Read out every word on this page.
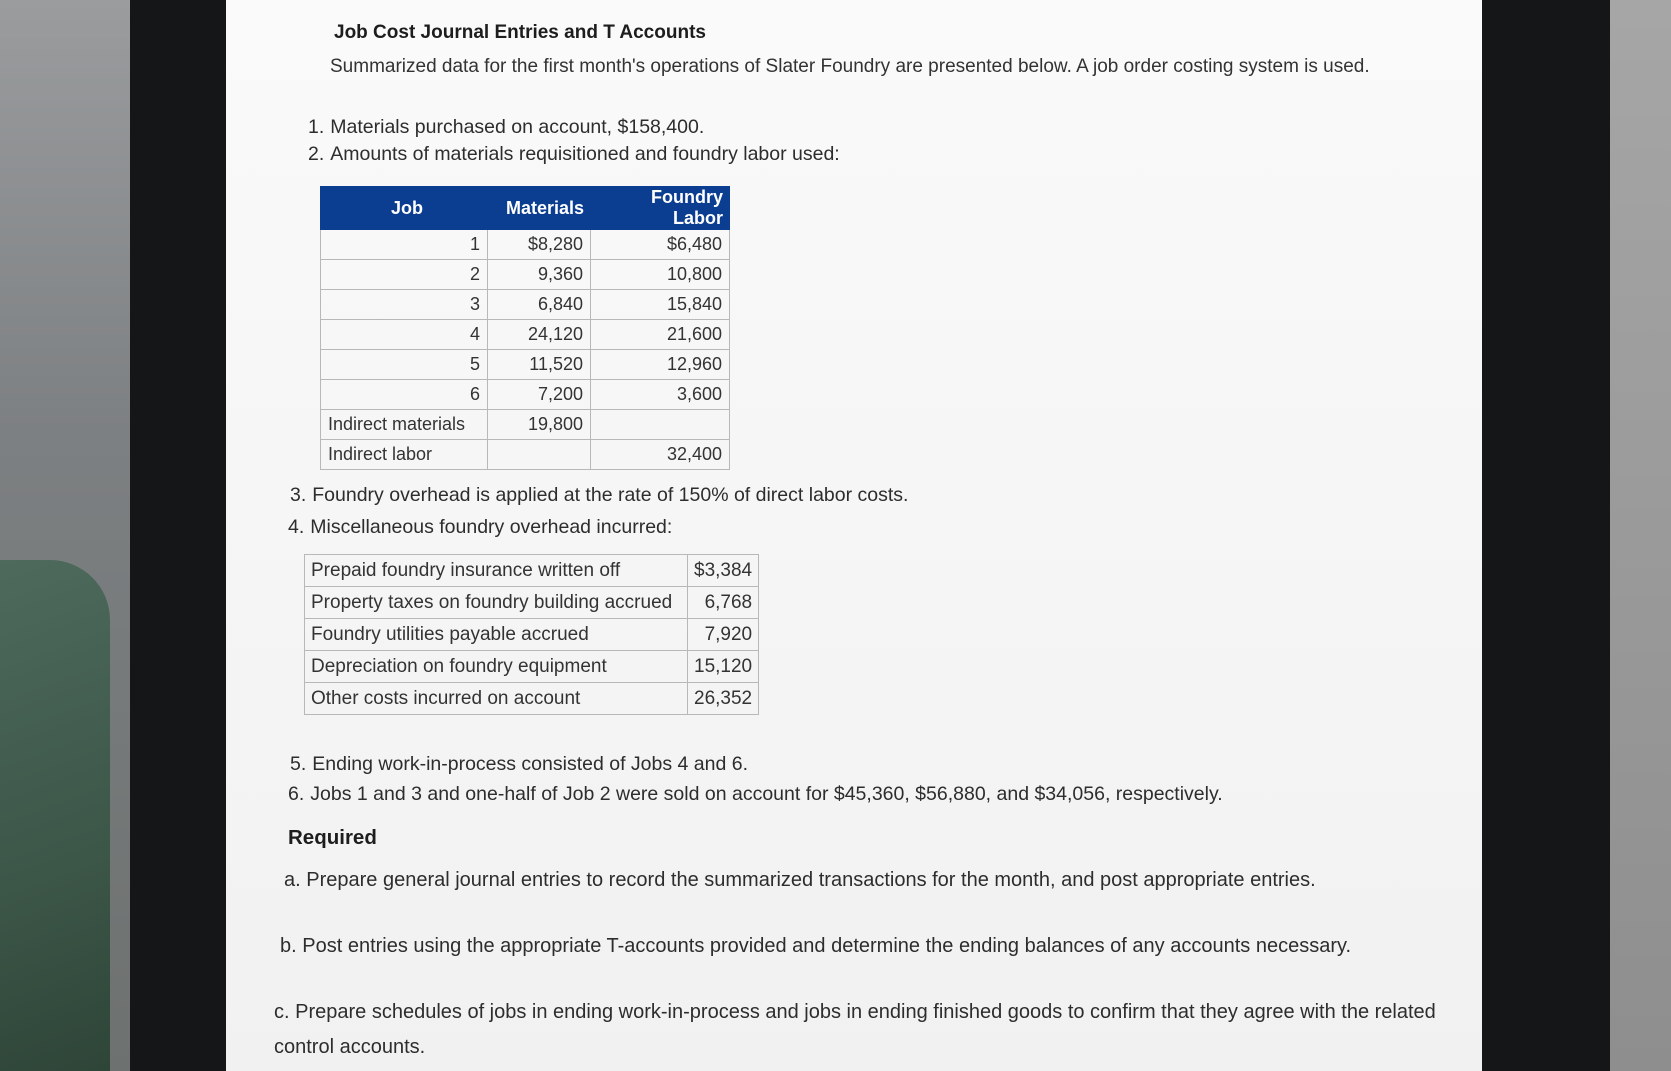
Job Cost Journal Entries and T Accounts

Summarized data for the first month's operations of Slater Foundry are presented below. A job order costing system is used.

1. Materials purchased on account, $158,400.

2. Amounts of materials requisitioned and foundry labor used:

Job	Materials	Foundry Labor
1	$8,280	$6,480
2	9,360	10,800
3	6,840	15,840
4	24,120	21,600
5	11,520	12,960
6	7,200	3,600
Indirect materials	19,800	
Indirect labor		32,400

3. Foundry overhead is applied at the rate of 150% of direct labor costs.

4. Miscellaneous foundry overhead incurred:

Prepaid foundry insurance written off	$3,384
Property taxes on foundry building accrued	6,768
Foundry utilities payable accrued	7,920
Depreciation on foundry equipment	15,120
Other costs incurred on account	26,352

5. Ending work-in-process consisted of Jobs 4 and 6.

6. Jobs 1 and 3 and one-half of Job 2 were sold on account for $45,360, $56,880, and $34,056, respectively.

Required

a. Prepare general journal entries to record the summarized transactions for the month, and post appropriate entries.

b. Post entries using the appropriate T-accounts provided and determine the ending balances of any accounts necessary.

c. Prepare schedules of jobs in ending work-in-process and jobs in ending finished goods to confirm that they agree with the related control accounts.
